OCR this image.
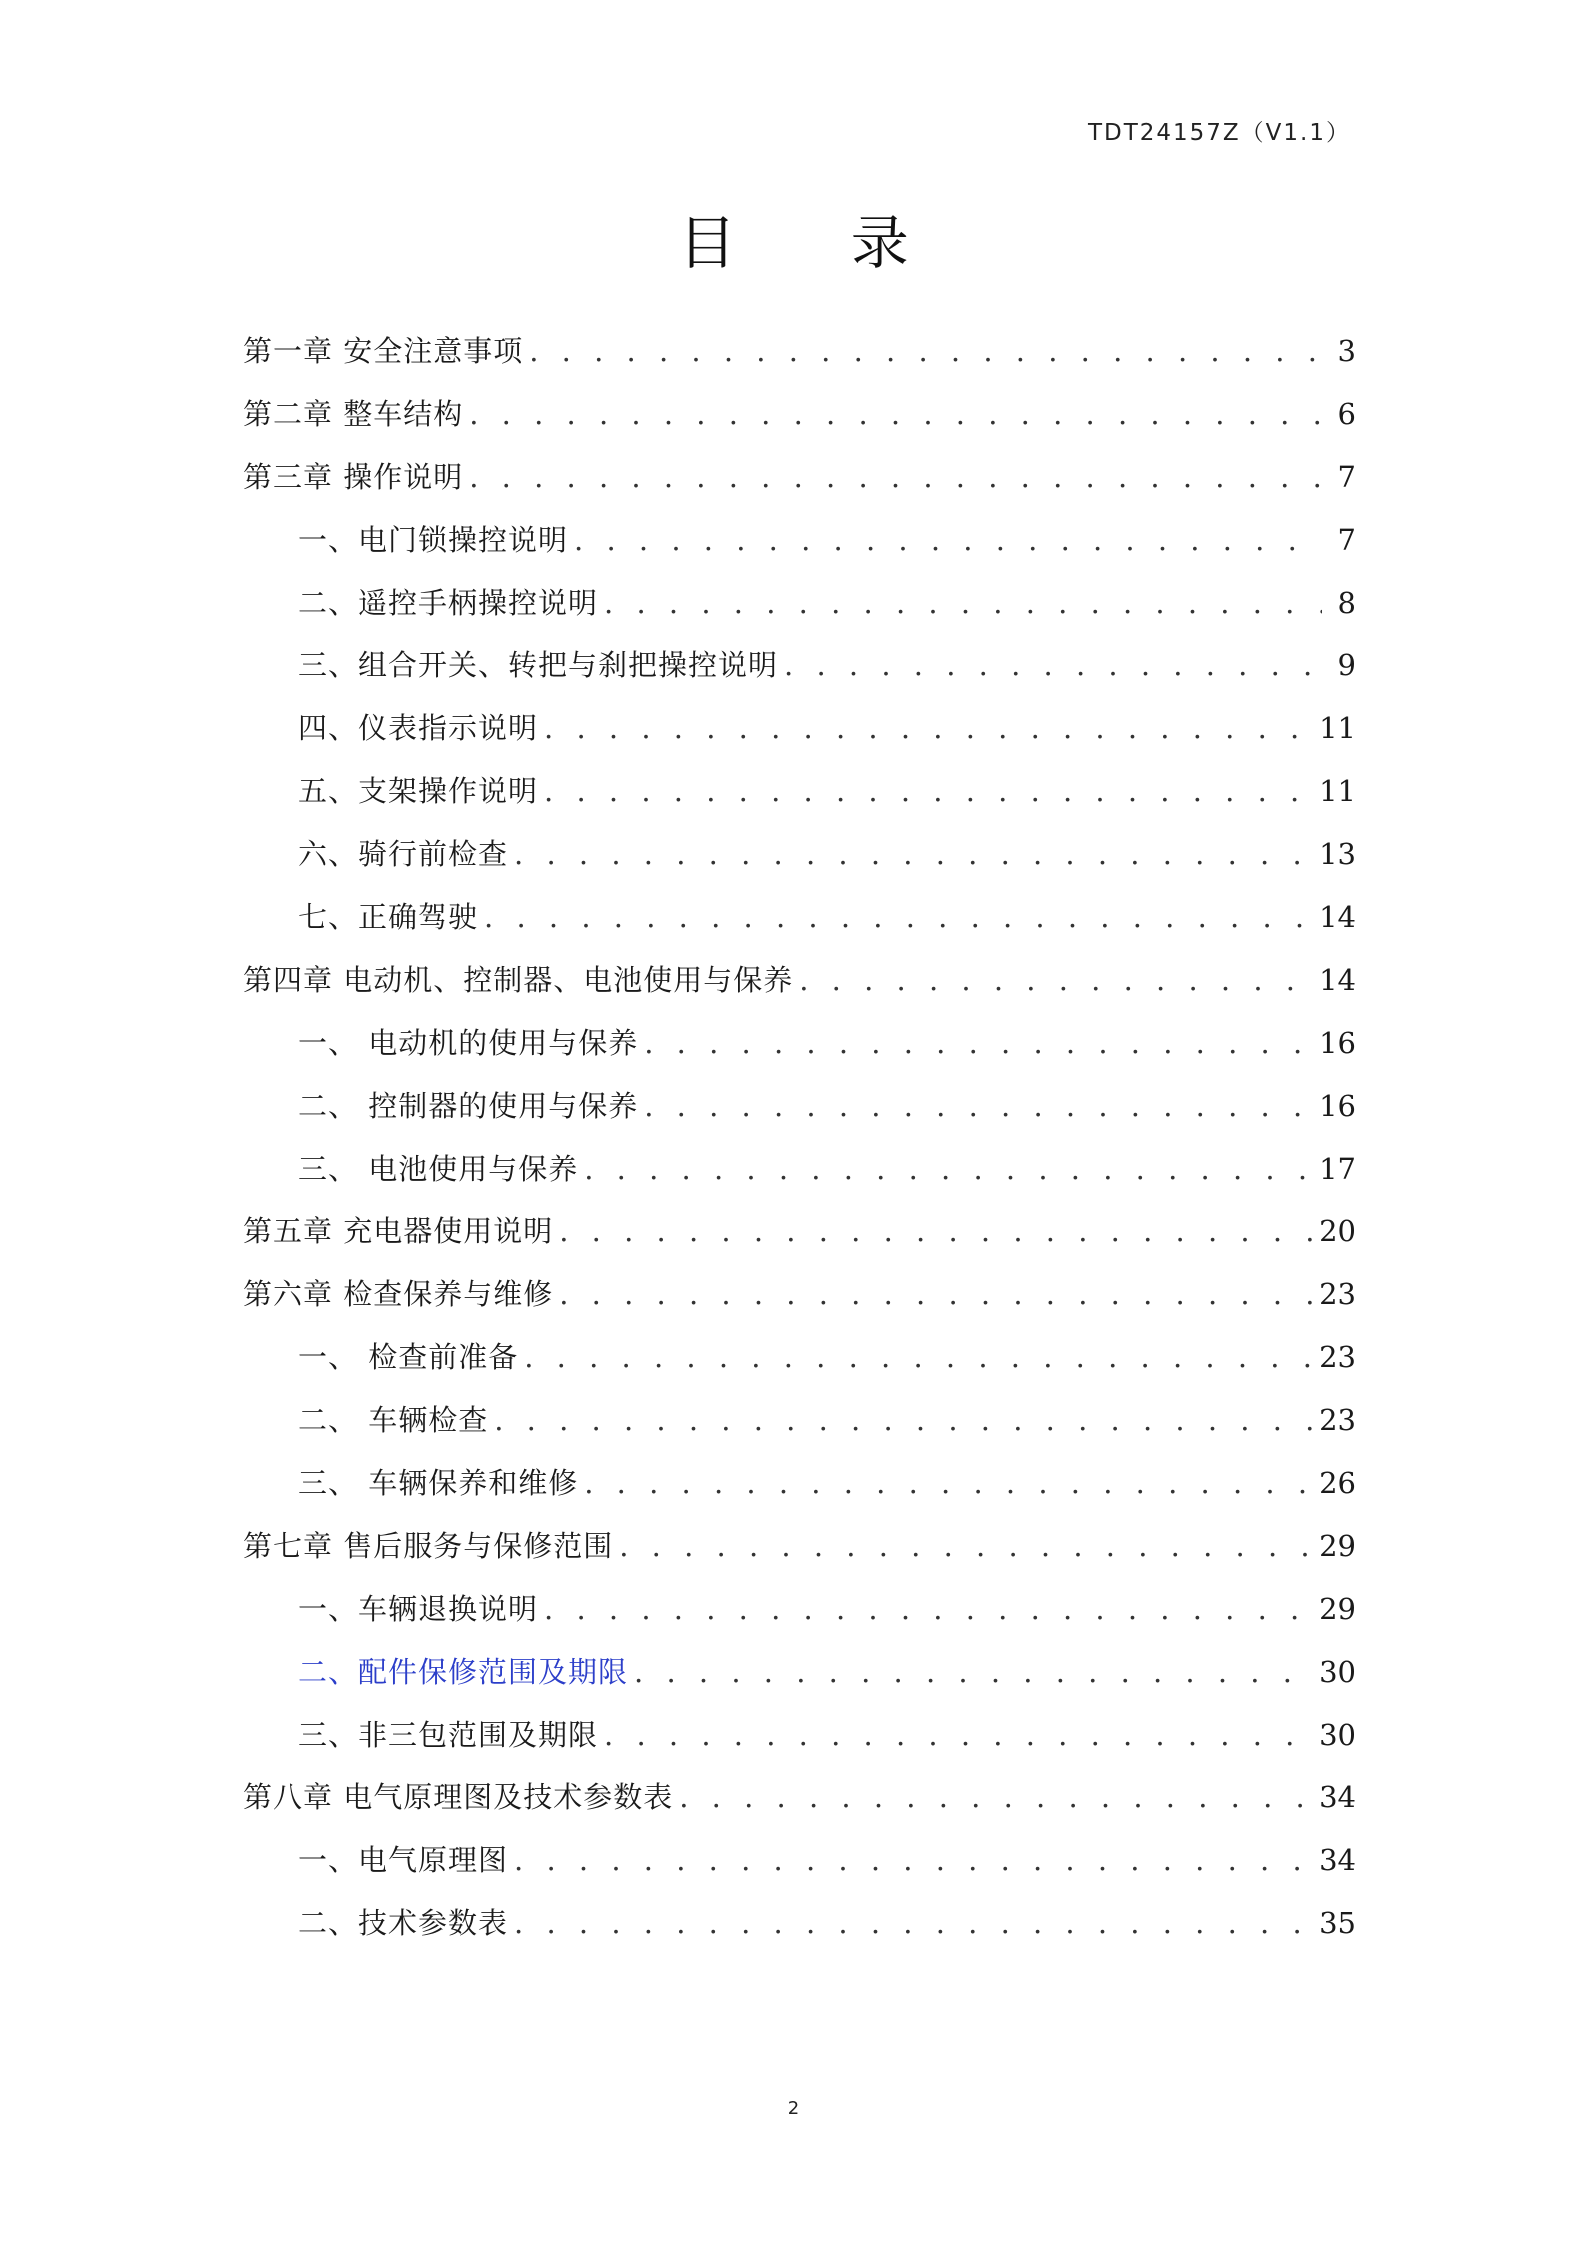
TDT24157Z（V1.1）
目 录
第一章 安全注意事项 . . .	3
第二章 整车结构 . . .	6
第三章 操作说明 . . .	7
一、电门锁操控说明 . . .	7
二、遥控手柄操控说明 . . .	8
三、组合开关、转把与刹把操控说明 . . .	9
四、仪表指示说明 . . .	11
五、支架操作说明 . . .	11
六、骑行前检查 . . .	13
七、正确驾驶 . . .	14
第四章 电动机、控制器、电池使用与保养 . . .	14
一、 电动机的使用与保养 . . .	16
二、 控制器的使用与保养 . . .	16
三、 电池使用与保养 . . .	17
第五章 充电器使用说明 . . .	20
第六章 检查保养与维修 . . .	23
一、 检查前准备 . . .	23
二、 车辆检查 . . .	23
三、 车辆保养和维修 . . .	26
第七章 售后服务与保修范围 . . .	29
一、车辆退换说明 . . .	29
二、配件保修范围及期限 . . .	30
三、非三包范围及期限 . . .	30
第八章 电气原理图及技术参数表 . . .	34
一、电气原理图 . . .	34
二、技术参数表 . . .	35
2
